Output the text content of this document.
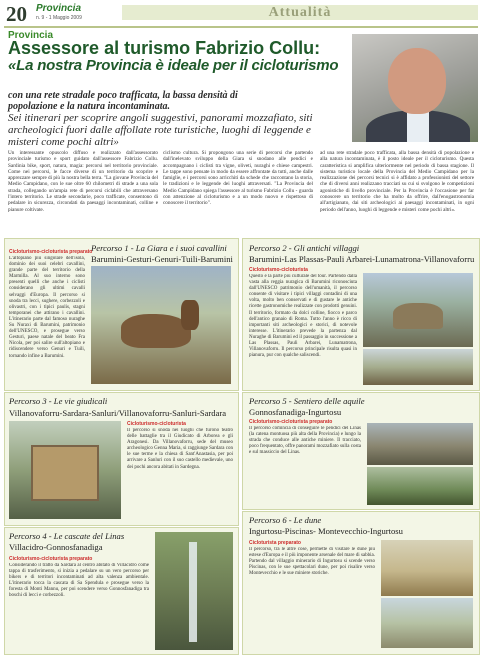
20 Provincia
n. 9 - 1 Maggio 2009	Attualità
Provincia
Assessore al turismo Fabrizio Collu:
«La nostra Provincia è ideale per il cicloturismo
con una rete stradale poco trafficata, la bassa densità di popolazione e la natura incontaminata.
Sei itinerari per scoprire angoli suggestivi, panorami mozzafiato, siti archeologici fuori dalle affollate rote turistiche, luoghi di leggende e misteri come pochi altri»

Un interessante opuscolo diffuso e realizzato dall'assessorato provinciale turismo e sport guidato dall'assessore Fabrizio Collu. Sardinia bike, sport, natura, magia: percorsi nel territorio provinciale. Come nei percorsi, le facce diverse di un territorio da scoprire e apprezzare sempre di più la nostra bella terra. "La giovane Provincia del Medio Campidano, con le sue oltre 60 chilometri di strade a una sola strada, collegando un'ampia rete di percorsi ciclabili che attraversano l'intero territorio. Le strade secondarie, poco trafficate, consentono di pedalare in sicurezza, circondati da paesaggi incontaminati, colline e pianure coltivate.

ciclismo cultura. Si propongono una serie di percorsi che partendo dall'inelevato sviluppo della Giara si snodano alle pendici e accompagnano i ciclisti tra vigne, oliveti, nuraghi e chiese campestri. Le tappe sono pensate in modo da essere affrontate da tutti, anche dalle famiglie, e i percorsi sono arricchiti da schede che raccontano la storia, le tradizioni e le leggende dei luoghi attraversati. "La Provincia del Medio Campidano spiega l'assessore al turismo Fabrizio Collu - guarda con attenzione al cicloturismo e a un modo nuovo e rispettoso di conoscere il territorio".

ad una rete stradale poco trafficata, alla bassa densità di popolazione e alla natura incontaminata, è il posto ideale per il cicloturismo. Questa caratteristica si amplifica ulteriormente nel periodo di bassa stagione. Il sistema turistico locale della Provincia del Medio Campidano per la realizzazione dei percorsi tecnici si è affidato a professionisti del settore che di diversi anni realizzano tracciati su cui si svolgono le competizioni agonistiche di livello provinciale. Per la Provincia è l'occasione per far conoscere un territorio che ha molto da offrire, dall'enogastronomia all'artigianato, dai siti archeologici ai paesaggi incontaminati, in ogni periodo dell'anno, luoghi di leggende e misteri come pochi altri».

Percorso 1 - La Giara e i suoi cavallini
Barumini-Gesturi-Genuri-Tuili-Barumini
Cicloturismo-cicloturista preparato
L'altopiano più singolare dell'isola, dominio dei suoi celebri cavallini, grande parte del territorio della Marmilla. Al suo interno sono presenti quelli che anche i ciclisti considerano gli ultimi cavalli selvaggi d'Europa. Il percorso si snoda tra lecci, sughere, corbezzoli e olivastri, con i tipici paulis, stagni temporanei che attirano i cavallini. L'itinerario parte dal famoso nuraghe Su Nuraxi di Barumini, patrimonio dell'UNESCO, e prosegue verso Gesturi, paese natale del beato Fra Nicola, per poi salire sull'altopiano e ridiscendere verso Genuri e Tuili, tornando infine a Barumini.
Percorso 2 - Gli antichi villaggi
Barumini-Las Plassas-Pauli Arbarei-Lunamatrona-Villanovaforru
Cicloturismo-cicloturista
Questo è la parte più culturale del tour. Partendo dalla vasta alla reggia nuragica di Barumini riconosciuta dall'UNESCO patrimonio dell'umanità, il percorso consente di visitare i tipici villaggi contadini di una volta, molto ben conservati e di gustare le antiche ricette gastronomiche realizzate con prodotti genuini. Il territorio, formato da dolci colline, fiocco e parco dell'antico granaio di Roma. Tutto l'anno è ricco di importanti siti archeologici e storici, di notevole interesse. L'itinerario prevede la partenza dal Nuraghe di Barumini ed il passaggio in successione a Las Plassas, Pauli Arbarei, Lunamatrona, Villanovaforru. Il percorso principale risulta quasi in pianura, pur con qualche saliscendi.
Percorso 3 - Le vie giudicali
Villanovaforru-Sardara-Sanluri/Villanovaforru-Sanluri-Sardara
Cicloturismo-cicloturista
Il percorso si snoda nei luoghi che furono teatro delle battaglie tra il Giudicato di Arborea e gli Aragonesi. Da Villanovaforru, sede del museo archeologico Genna Maria, si raggiunge Sardara con le sue terme e la chiesa di Sant'Anastasia, per poi arrivare a Sanluri con il suo castello medievale, uno dei pochi ancora abitati in Sardegna.
Percorso 5 - Sentiero delle aquile
Gonnosfanadiga-Ingurtosu
Cicloturismo-cicloturista preparato
Il percorso comincia di conseguire le pendici del Linas (la catena montuosa più alta della Provincia) e lungo la strada che conduce alle antiche miniere. Il tracciato, poco frequentato, offre panorami mozzafiato sulla costa e sul massiccio del Linas.
Percorso 4 - Le cascate del Linas
Villacidro-Gonnosfanadiga
Cicloturismo-cicloturista preparato
Considerando il tratto da Sardara al centro abitato di Villacidro come tappa di trasferimento, si inizia a pedalare su un vero percorso per bikers e di territori incontaminati ad alta valenza ambientale. L'itinerario tocca la cascata di Sa Spendula e prosegue verso la foresta di Monti Mannu, per poi scendere verso Gonnosfanadiga tra boschi di lecci e corbezzoli.
Percorso 6 - Le dune
Ingurtosu-Piscinas- Montevecchio-Ingurtosu
Cicloturista preparato
Il percorso, tra le altre cose, permette di visitare le dune più estese d'Europa e il più imponente arsenale del mare di sabbia. Partendo dal villaggio minerario di Ingurtosu si scende verso Piscinas, con le sue spettacolari dune, per poi risalire verso Montevecchio e le sue miniere storiche.
